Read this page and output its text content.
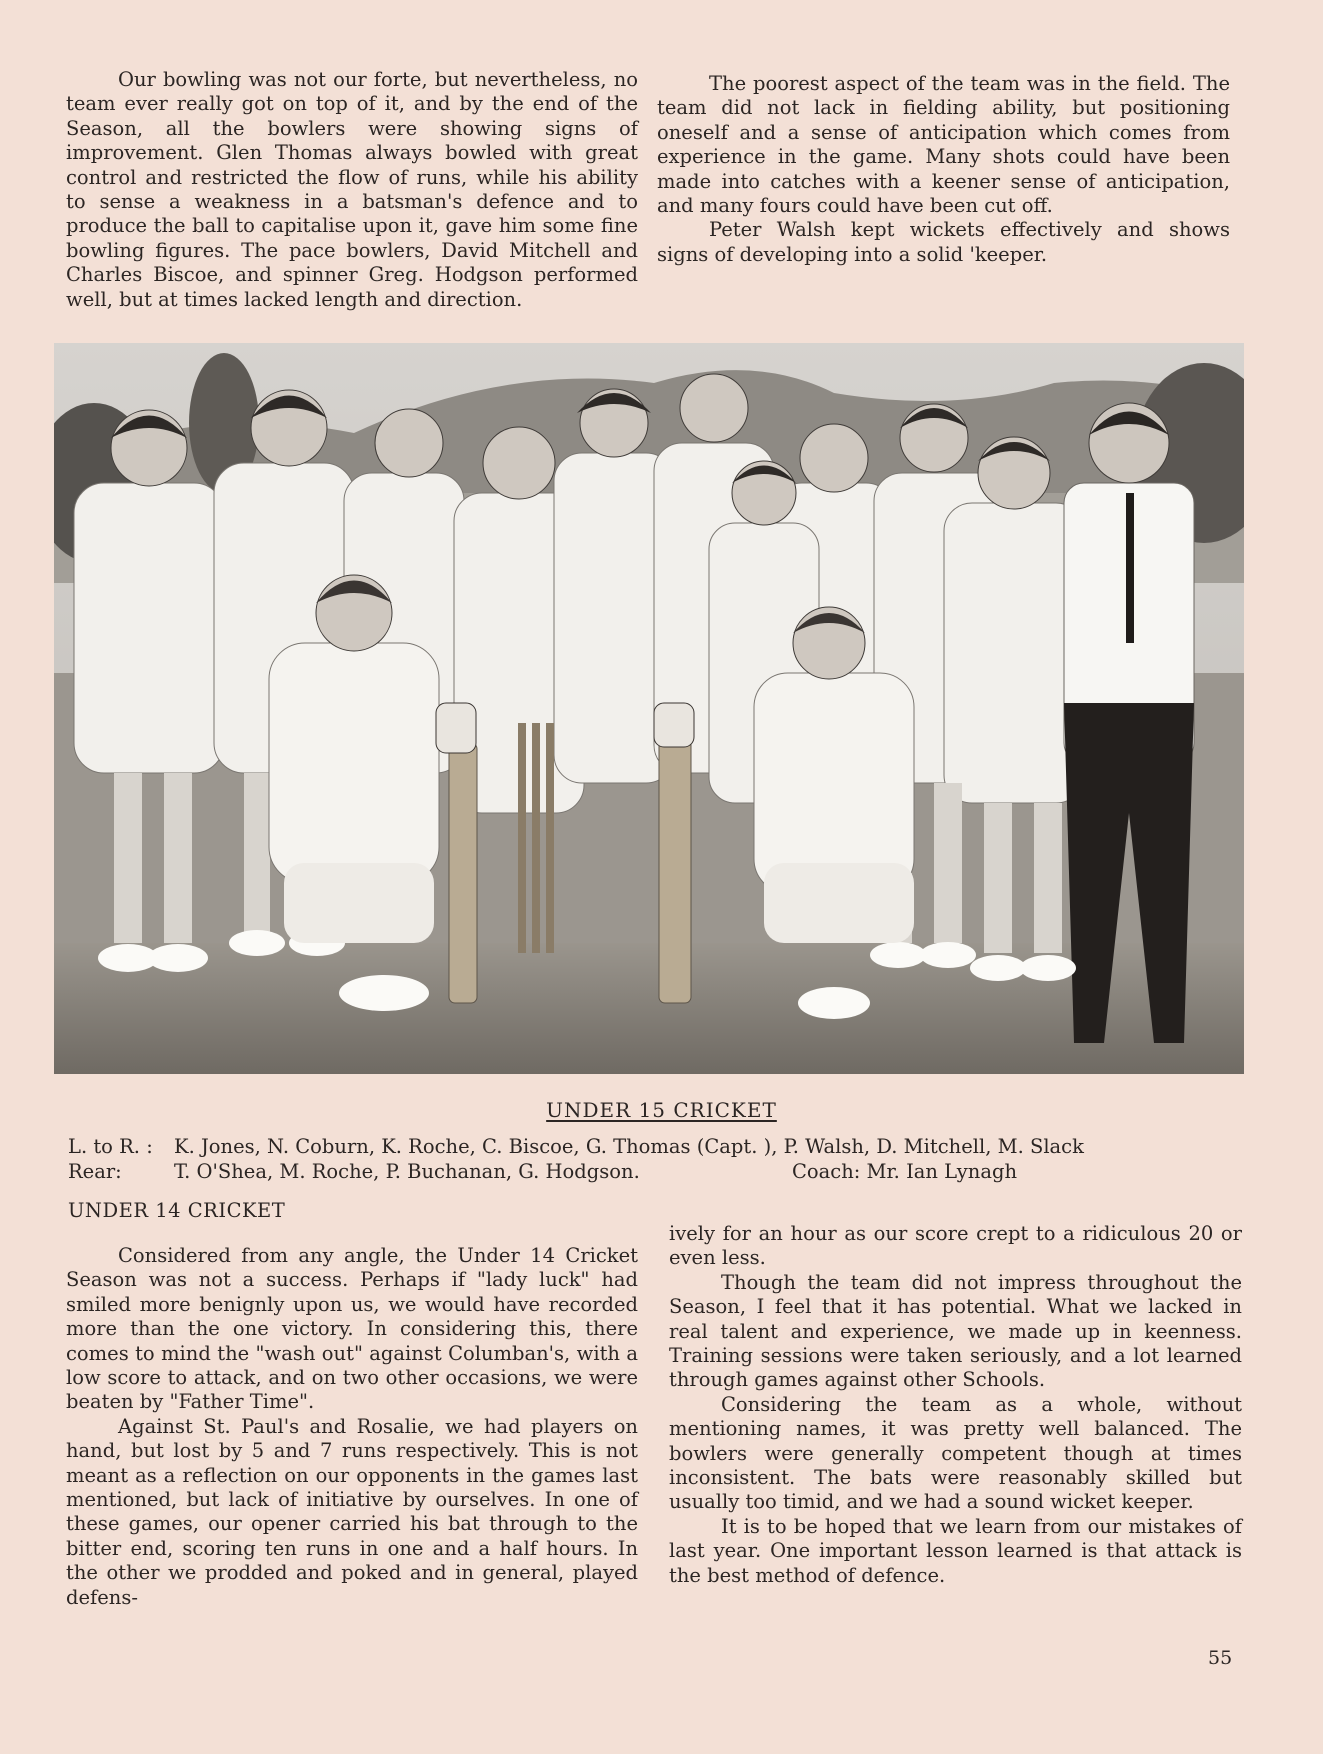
Our bowling was not our forte, but nevertheless, no team ever really got on top of it, and by the end of the Season, all the bowlers were showing signs of improvement. Glen Thomas always bowled with great control and restricted the flow of runs, while his ability to sense a weakness in a batsman's defence and to produce the ball to capitalise upon it, gave him some fine bowling figures. The pace bowlers, David Mitchell and Charles Biscoe, and spinner Greg. Hodgson performed well, but at times lacked length and direction.

The poorest aspect of the team was in the field. The team did not lack in fielding ability, but positioning oneself and a sense of anticipation which comes from experience in the game. Many shots could have been made into catches with a keener sense of anticipation, and many fours could have been cut off.

Peter Walsh kept wickets effectively and shows signs of developing into a solid 'keeper.

UNDER 15 CRICKET
L. to R. : K. Jones, N. Coburn, K. Roche, C. Biscoe, G. Thomas (Capt. ), P. Walsh, D. Mitchell, M. Slack
Rear:	T. O'Shea, M. Roche, P. Buchanan, G. Hodgson.	Coach: Mr. Ian Lynagh
UNDER 14 CRICKET

Considered from any angle, the Under 14 Cricket Season was not a success. Perhaps if "lady luck" had smiled more benignly upon us, we would have recorded more than the one victory. In considering this, there comes to mind the "wash out" against Columban's, with a low score to attack, and on two other occasions, we were beaten by "Father Time".

Against St. Paul's and Rosalie, we had players on hand, but lost by 5 and 7 runs respectively. This is not meant as a reflection on our opponents in the games last mentioned, but lack of initiative by ourselves. In one of these games, our opener carried his bat through to the bitter end, scoring ten runs in one and a half hours. In the other we prodded and poked and in general, played defens-

ively for an hour as our score crept to a ridiculous 20 or even less.

Though the team did not impress throughout the Season, I feel that it has potential. What we lacked in real talent and experience, we made up in keenness. Training sessions were taken seriously, and a lot learned through games against other Schools.

Considering the team as a whole, without mentioning names, it was pretty well balanced. The bowlers were generally competent though at times inconsistent. The bats were reasonably skilled but usually too timid, and we had a sound wicket keeper.

It is to be hoped that we learn from our mistakes of last year. One important lesson learned is that attack is the best method of defence.

55
